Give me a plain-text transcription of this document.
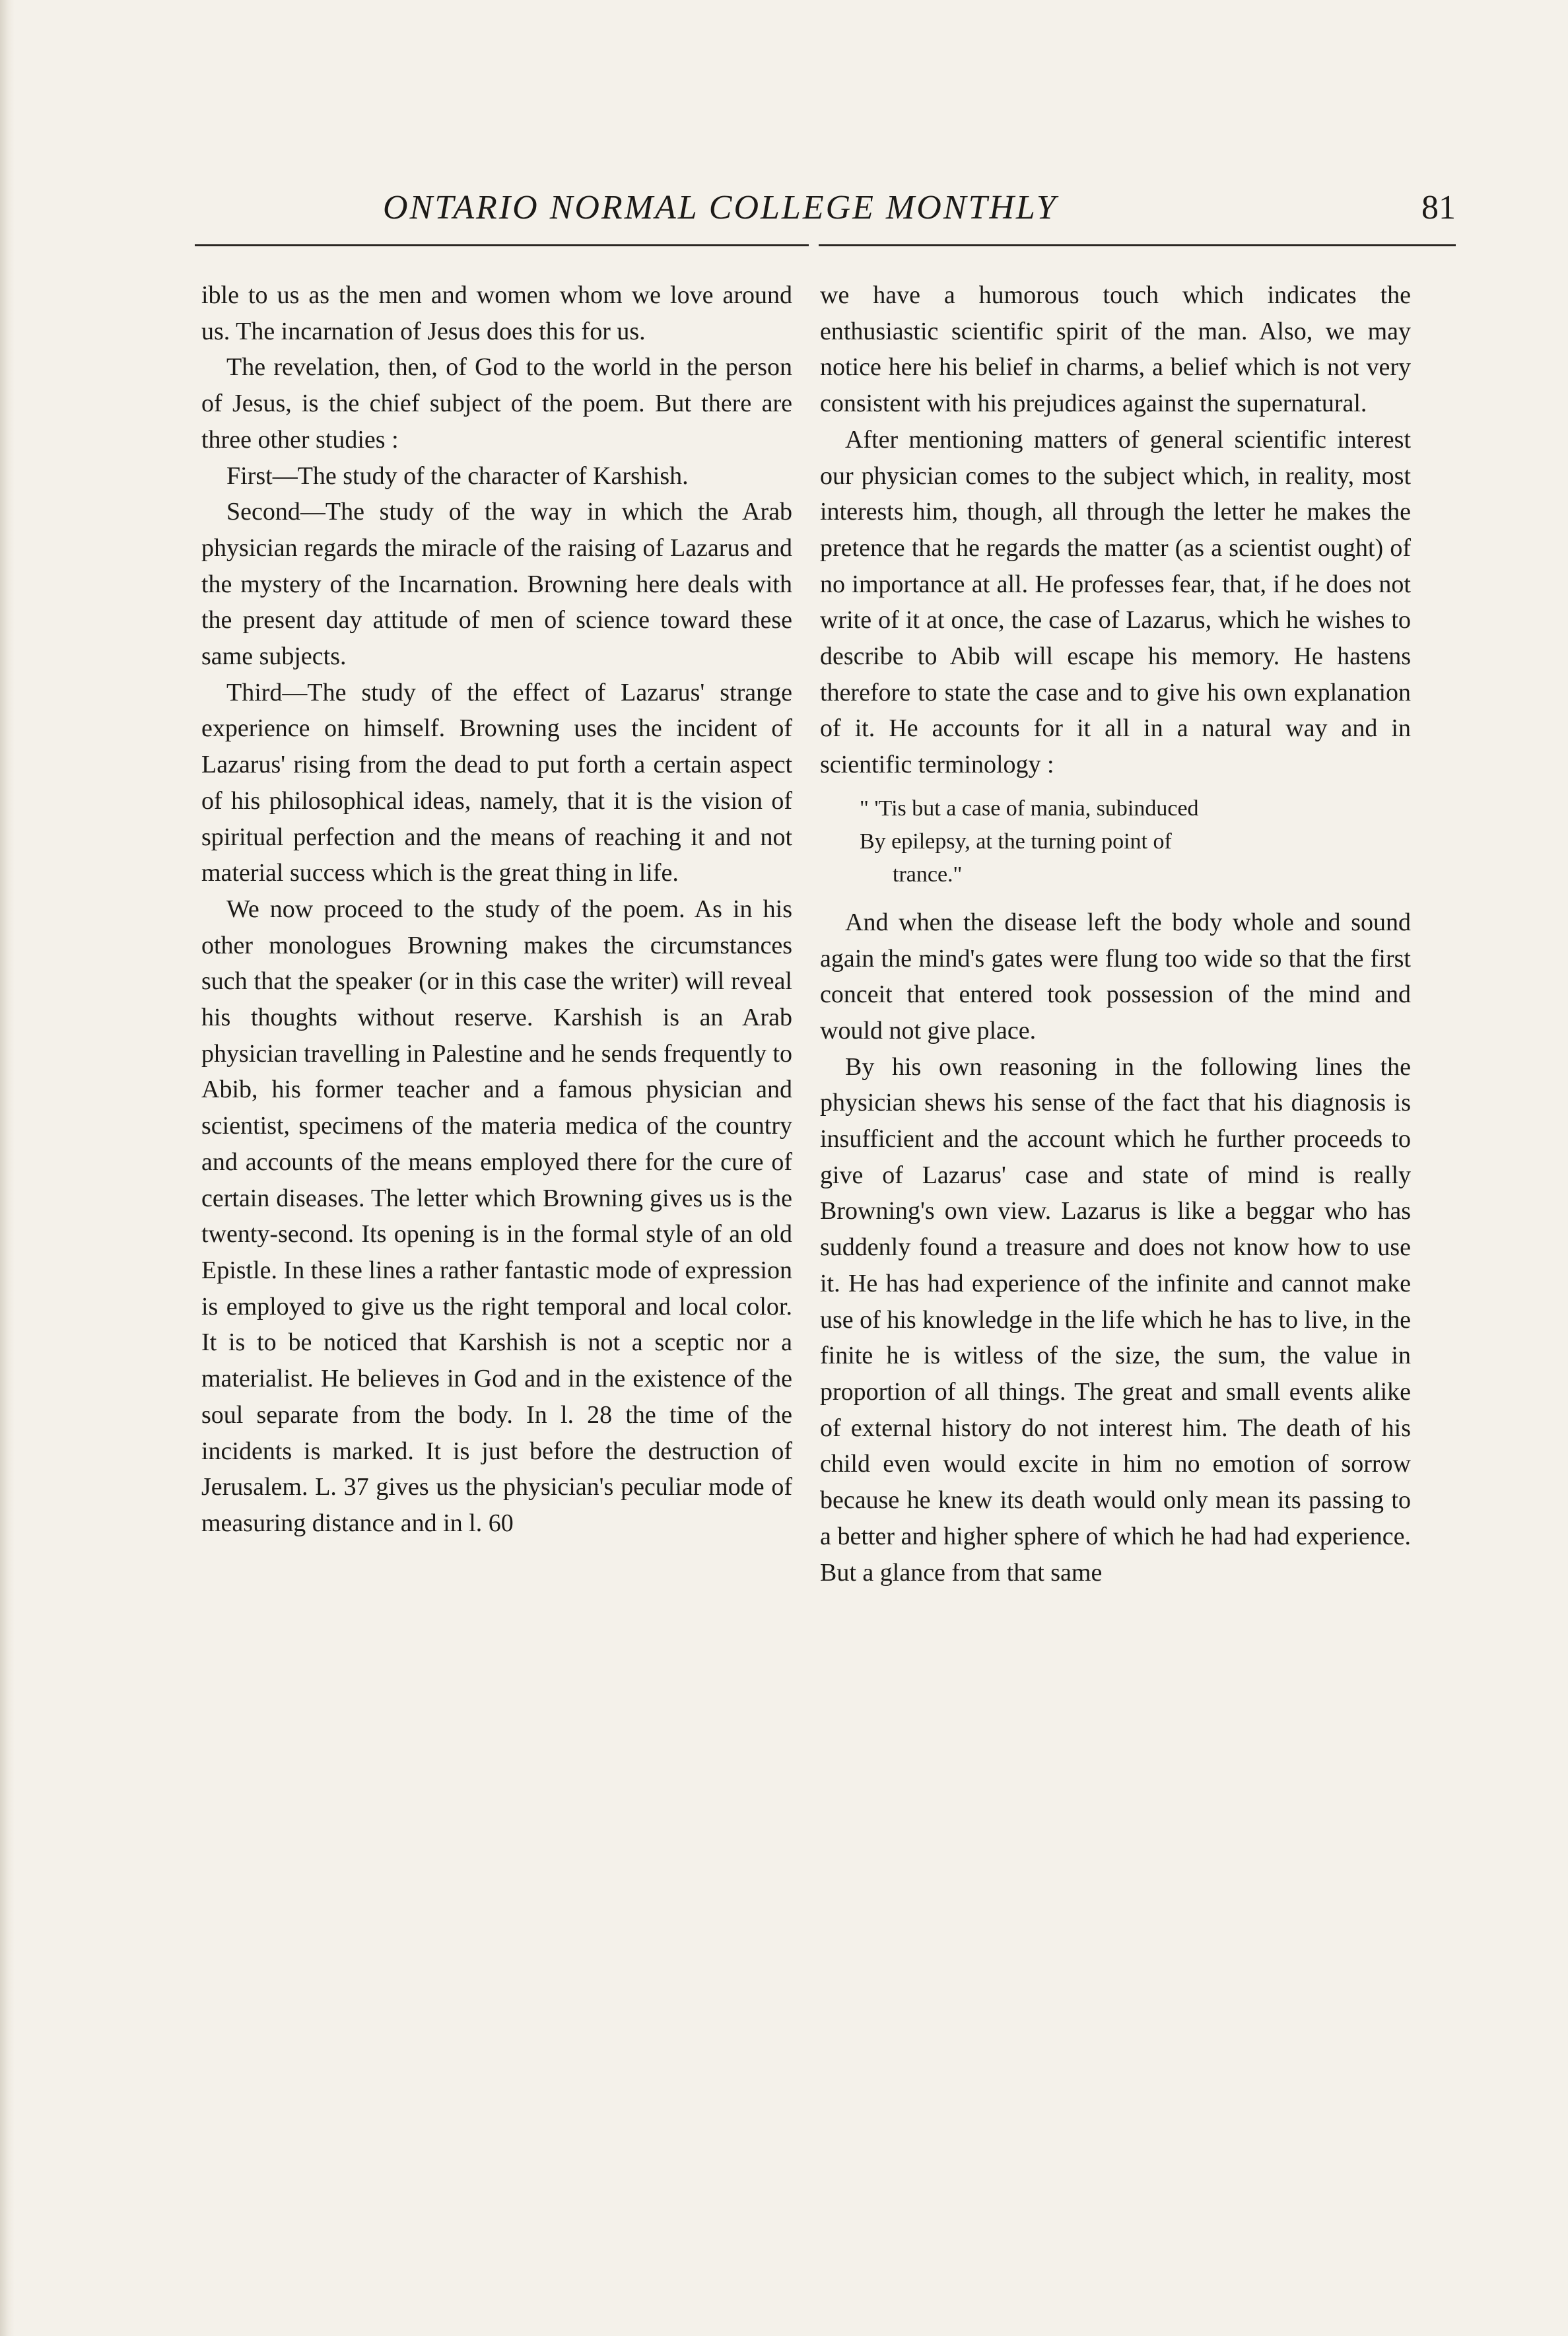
ONTARIO NORMAL COLLEGE MONTHLY	81

ible to us as the men and women whom we love around us. The incarnation of Jesus does this for us.

The revelation, then, of God to the world in the person of Jesus, is the chief subject of the poem. But there are three other studies :

First—The study of the character of Karshish.

Second—The study of the way in which the Arab physician regards the miracle of the raising of Lazarus and the mystery of the Incarnation. Browning here deals with the present day attitude of men of science toward these same subjects.

Third—The study of the effect of Lazarus' strange experience on himself. Browning uses the incident of Lazarus' rising from the dead to put forth a certain aspect of his philosophical ideas, namely, that it is the vision of spiritual perfection and the means of reaching it and not material success which is the great thing in life.

We now proceed to the study of the poem. As in his other monologues Browning makes the circumstances such that the speaker (or in this case the writer) will reveal his thoughts without reserve. Karshish is an Arab physician travelling in Palestine and he sends frequently to Abib, his former teacher and a famous physician and scientist, specimens of the materia medica of the country and accounts of the means employed there for the cure of certain diseases. The letter which Browning gives us is the twenty-second. Its opening is in the formal style of an old Epistle. In these lines a rather fantastic mode of expression is employed to give us the right temporal and local color. It is to be noticed that Karshish is not a sceptic nor a materialist. He believes in God and in the existence of the soul separate from the body. In l. 28 the time of the incidents is marked. It is just before the destruction of Jerusalem. L. 37 gives us the physician's peculiar mode of measuring distance and in l. 60

we have a humorous touch which indicates the enthusiastic scientific spirit of the man. Also, we may notice here his belief in charms, a belief which is not very consistent with his prejudices against the supernatural.

After mentioning matters of general scientific interest our physician comes to the subject which, in reality, most interests him, though, all through the letter he makes the pretence that he regards the matter (as a scientist ought) of no importance at all. He professes fear, that, if he does not write of it at once, the case of Lazarus, which he wishes to describe to Abib will escape his memory. He hastens therefore to state the case and to give his own explanation of it. He accounts for it all in a natural way and in scientific terminology :

" 'Tis but a case of mania, subinduced
By epilepsy, at the turning point of
trance."

And when the disease left the body whole and sound again the mind's gates were flung too wide so that the first conceit that entered took possession of the mind and would not give place.

By his own reasoning in the following lines the physician shews his sense of the fact that his diagnosis is insufficient and the account which he further proceeds to give of Lazarus' case and state of mind is really Browning's own view. Lazarus is like a beggar who has suddenly found a treasure and does not know how to use it. He has had experience of the infinite and cannot make use of his knowledge in the life which he has to live, in the finite he is witless of the size, the sum, the value in proportion of all things. The great and small events alike of external history do not interest him. The death of his child even would excite in him no emotion of sorrow because he knew its death would only mean its passing to a better and higher sphere of which he had had experience. But a glance from that same
